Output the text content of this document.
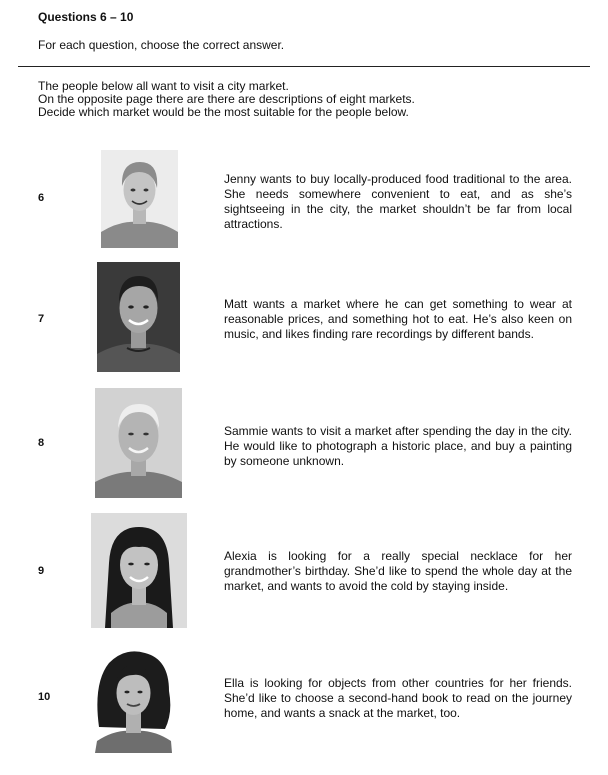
Questions 6 – 10
For each question, choose the correct answer.
The people below all want to visit a city market.
On the opposite page there are there are descriptions of eight markets.
Decide which market would be the most suitable for the people below.
6
Jenny wants to buy locally-produced food traditional to the area. She needs somewhere convenient to eat, and as she’s sightseeing in the city, the market shouldn’t be far from local attractions.
7
Matt wants a market where he can get something to wear at reasonable prices, and something hot to eat. He’s also keen on music, and likes finding rare recordings by different bands.
8
Sammie wants to visit a market after spending the day in the city. He would like to photograph a historic place, and buy a painting by someone unknown.
9
Alexia is looking for a really special necklace for her grandmother’s birthday. She’d like to spend the whole day at the market, and wants to avoid the cold by staying inside.
10
Ella is looking for objects from other countries for her friends. She’d like to choose a second-hand book to read on the journey home, and wants a snack at the market, too.
